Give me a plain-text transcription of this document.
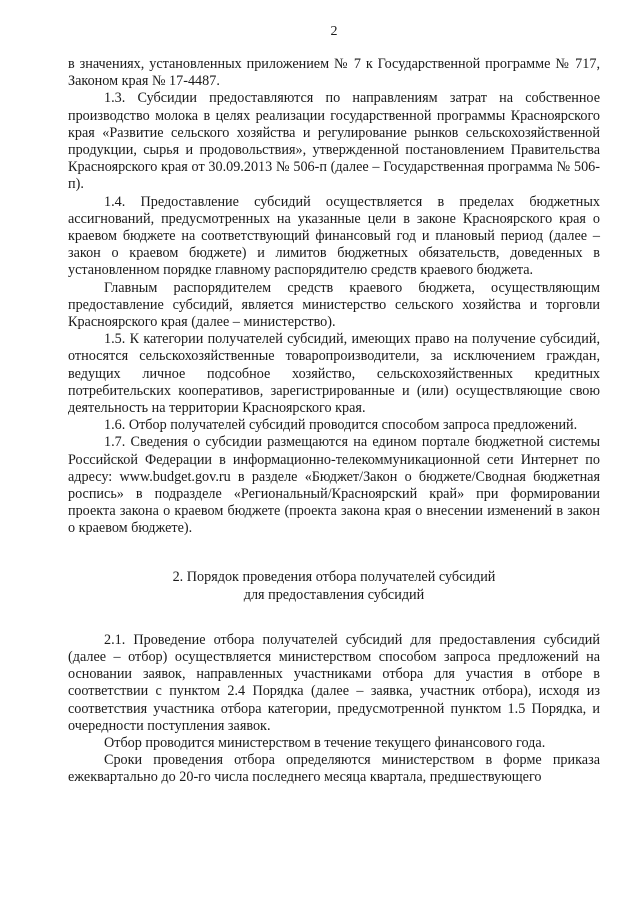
2

в значениях, установленных приложением № 7 к Государственной программе № 717, Законом края № 17-4487.

1.3. Субсидии предоставляются по направлениям затрат на собственное производство молока в целях реализации государственной программы Красноярского края «Развитие сельского хозяйства и регулирование рынков сельскохозяйственной продукции, сырья и продовольствия», утвержденной постановлением Правительства Красноярского края от 30.09.2013 № 506-п (далее – Государственная программа № 506-п).

1.4. Предоставление субсидий осуществляется в пределах бюджетных ассигнований, предусмотренных на указанные цели в законе Красноярского края о краевом бюджете на соответствующий финансовый год и плановый период (далее – закон о краевом бюджете) и лимитов бюджетных обязательств, доведенных в установленном порядке главному распорядителю средств краевого бюджета.

Главным распорядителем средств краевого бюджета, осуществляющим предоставление субсидий, является министерство сельского хозяйства и торговли Красноярского края (далее – министерство).

1.5. К категории получателей субсидий, имеющих право на получение субсидий, относятся сельскохозяйственные товаропроизводители, за исключением граждан, ведущих личное подсобное хозяйство, сельскохозяйственных кредитных потребительских кооперативов, зарегистрированные и (или) осуществляющие свою деятельность на территории Красноярского края.

1.6. Отбор получателей субсидий проводится способом запроса предложений.

1.7. Сведения о субсидии размещаются на едином портале бюджетной системы Российской Федерации в информационно-телекоммуникационной сети Интернет по адресу: www.budget.gov.ru в разделе «Бюджет/Закон о бюджете/Сводная бюджетная роспись» в подразделе «Региональный/Красноярский край» при формировании проекта закона о краевом бюджете (проекта закона края о внесении изменений в закон о краевом бюджете).

2. Порядок проведения отбора получателей субсидий
для предоставления субсидий

2.1. Проведение отбора получателей субсидий для предоставления субсидий (далее – отбор) осуществляется министерством способом запроса предложений на основании заявок, направленных участниками отбора для участия в отборе в соответствии с пунктом 2.4 Порядка (далее – заявка, участник отбора), исходя из соответствия участника отбора категории, предусмотренной пунктом 1.5 Порядка, и очередности поступления заявок.

Отбор проводится министерством в течение текущего финансового года.

Сроки проведения отбора определяются министерством в форме приказа ежеквартально до 20-го числа последнего месяца квартала, предшествующего
